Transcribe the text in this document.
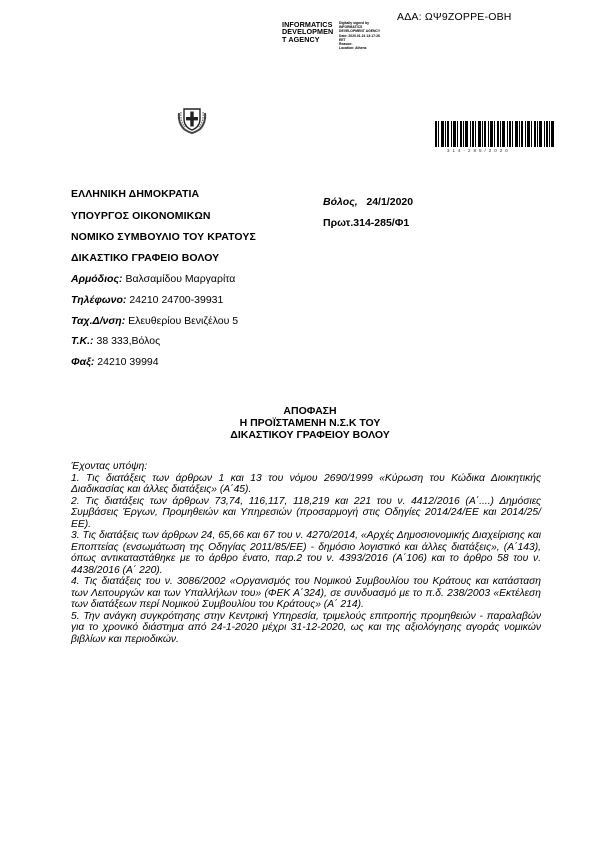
ΑΔΑ: ΩΨ9ΖΟΡΡΕ-ΟΒΗ
INFORMATICS
DEVELOPMEN
T AGENCY
Digitally signed by
INFORMATICS
DEVELOPMENT AGENCY
Date: 2020.01.24 13:17:26
EET
Reason:
Location: Athens
314-285/2020
ΕΛΛΗΝΙΚΗ ΔΗΜΟΚΡΑΤΙΑ
ΥΠΟΥΡΓΟΣ ΟΙΚΟΝΟΜΙΚΩΝ
ΝΟΜΙΚΟ ΣΥΜΒΟΥΛΙΟ ΤΟΥ ΚΡΑΤΟΥΣ
ΔΙΚΑΣΤΙΚΟ ΓΡΑΦΕΙΟ ΒΟΛΟΥ
Βόλος, 24/1/2020
Πρωτ.314-285/Φ1
Αρμόδιος: Βαλσαμίδου Μαργαρίτα
Τηλέφωνο: 24210 24700-39931
Ταχ.Δ/νση: Ελευθερίου Βενιζέλου 5
Τ.Κ.: 38 333,Βόλος
Φαξ: 24210 39994
ΑΠΟΦΑΣΗ
Η ΠΡΟΪΣΤΑΜΕΝΗ Ν.Σ.Κ ΤΟΥ
ΔΙΚΑΣΤΙΚΟΥ ΓΡΑΦΕΙΟΥ ΒΟΛΟΥ

Έχοντας υπόψη:

1. Τις διατάξεις των άρθρων 1 και 13 του νόμου 2690/1999 «Κύρωση του Κώδικα Διοικητικής Διαδικασίας και άλλες διατάξεις» (Α΄45).

2. Τις διατάξεις των άρθρων 73,74, 116,117, 118,219 και 221 του ν. 4412/2016 (Α΄....) Δημόσιες Συμβάσεις Έργων, Προμηθειών και Υπηρεσιών (προσαρμογή στις Οδηγίες 2014/24/ΕΕ και 2014/25/ΕΕ).

3. Τις διατάξεις των άρθρων 24, 65,66 και 67 του ν. 4270/2014, «Αρχές Δημοσιονομικής Διαχείρισης και Εποπτείας (ενσωμάτωση της Οδηγίας 2011/85/ΕΕ) - δημόσιο λογιστικό και άλλες διατάξεις», (Α΄143), όπως αντικαταστάθηκε με το άρθρο ένατο, παρ.2 του ν. 4393/2016 (Α΄106) και το άρθρο 58 του ν. 4438/2016 (Α΄ 220).

4. Τις διατάξεις του ν. 3086/2002 «Οργανισμός του Νομικού Συμβουλίου του Κράτους και κατάσταση των Λειτουργών και των Υπαλλήλων του» (ΦΕΚ Α΄324), σε συνδυασμό με το π.δ. 238/2003 «Εκτέλεση των διατάξεων περί Νομικού Συμβουλίου του Κράτους» (Α΄ 214).

5. Την ανάγκη συγκρότησης στην Κεντρική Υπηρεσία, τριμελούς επιτροπής προμηθειών - παραλαβών για το χρονικό διάστημα από 24-1-2020 μέχρι 31-12-2020, ως και της αξιολόγησης αγοράς νομικών βιβλίων και περιοδικών.
